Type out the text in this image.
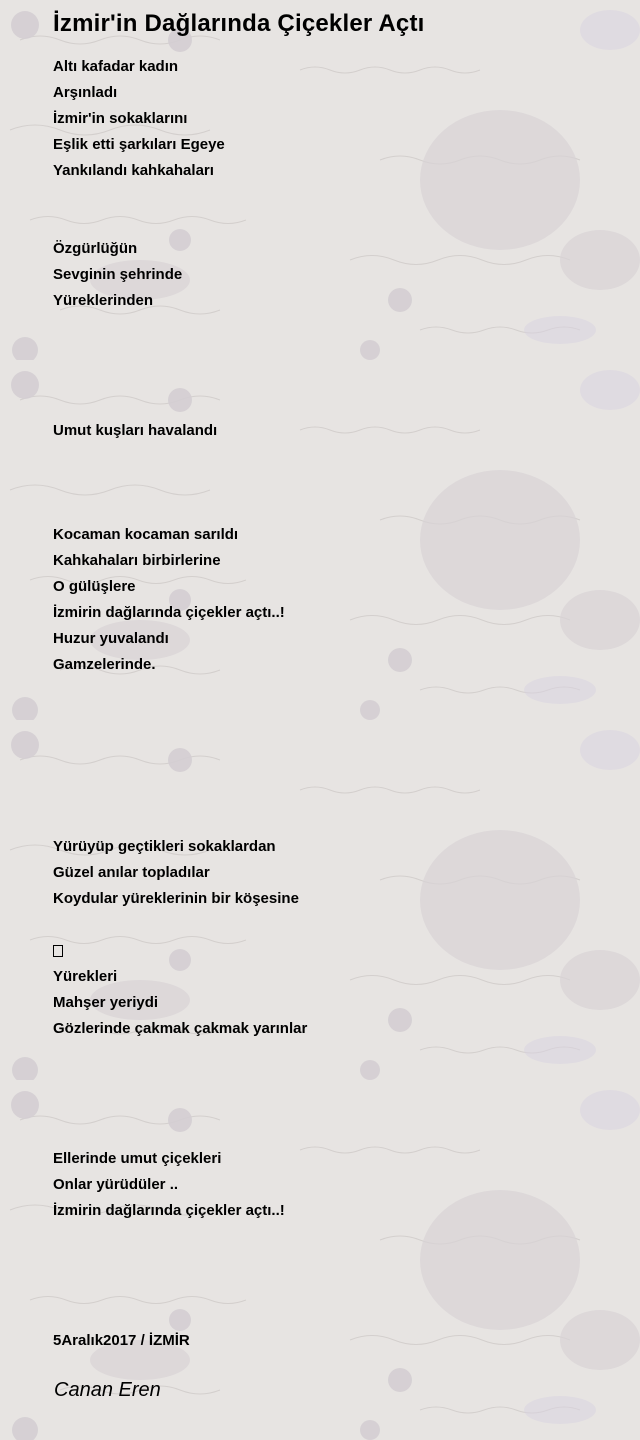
İzmir'in Dağlarında Çiçekler Açtı
Altı kafadar kadın
Arşınladı
İzmir'in sokaklarını
Eşlik etti şarkıları Egeye
Yankılandı kahkahaları
Özgürlüğün
Sevginin şehrinde
Yüreklerinden
Umut kuşları havalandı
Kocaman kocaman sarıldı
Kahkahaları birbirlerine
O gülüşlere
İzmirin dağlarında çiçekler açtı..!
Huzur yuvalandı
Gamzelerinde.
Yürüyüp geçtikleri sokaklardan
Güzel anılar topladılar
Koydular yüreklerinin bir köşesine
Yürekleri
Mahşer yeriydi
Gözlerinde çakmak çakmak yarınlar
Ellerinde umut çiçekleri
Onlar yürüdüler ..
İzmirin dağlarında çiçekler açtı..!
5Aralık2017 / İZMİR
Canan Eren
